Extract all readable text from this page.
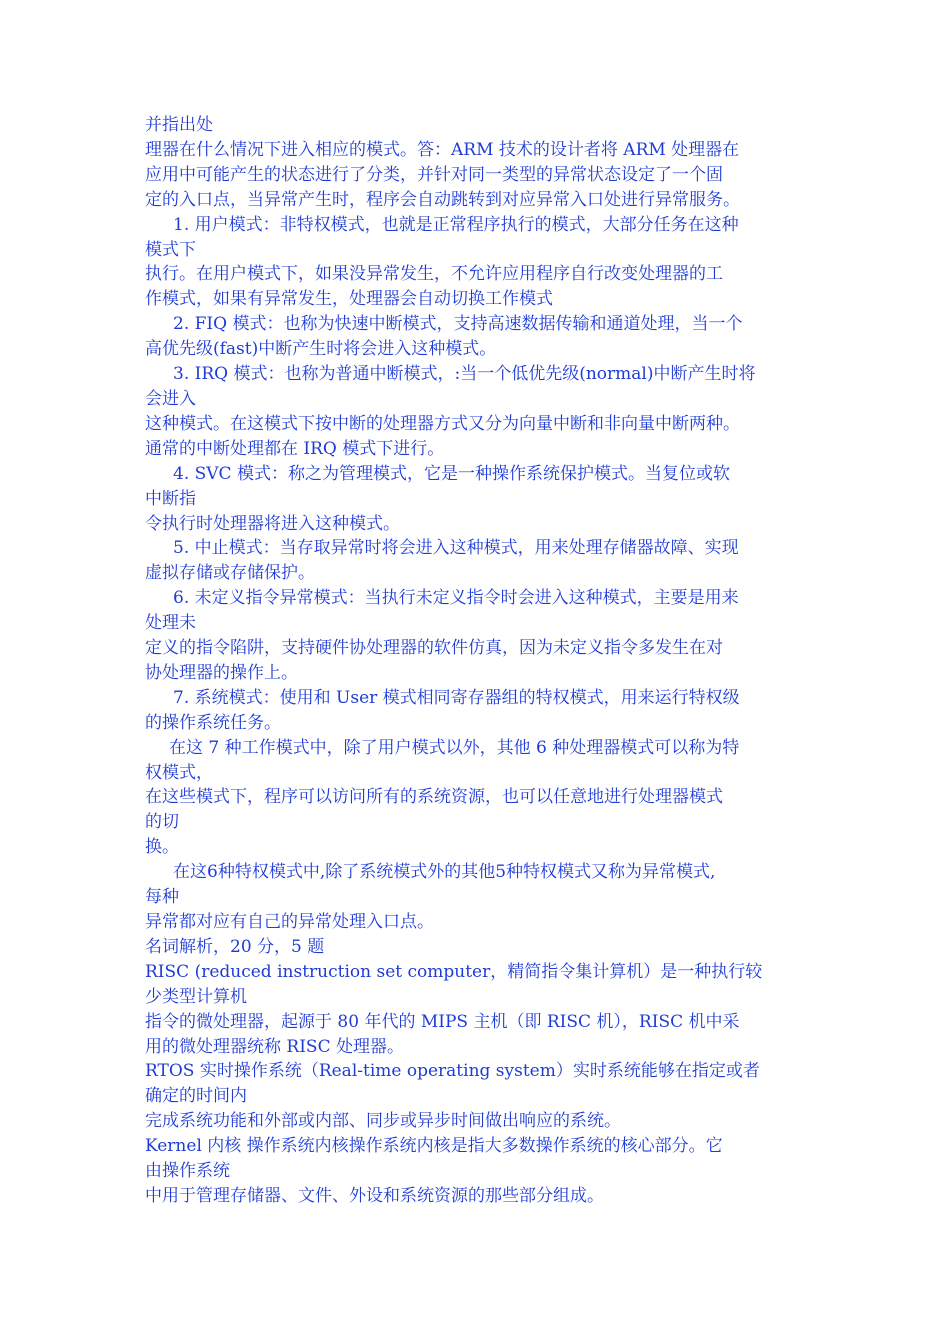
并指出处
理器在什么情况下进入相应的模式。答：ARM 技术的设计者将 ARM 处理器在
应用中可能产生的状态进行了分类，并针对同一类型的异常状态设定了一个固
定的入口点，当异常产生时，程序会自动跳转到对应异常入口处进行异常服务。
1. 用户模式：非特权模式，也就是正常程序执行的模式，大部分任务在这种
模式下
执行。在用户模式下，如果没异常发生，不允许应用程序自行改变处理器的工
作模式，如果有异常发生，处理器会自动切换工作模式
2. FIQ 模式：也称为快速中断模式，支持高速数据传输和通道处理，当一个
高优先级(fast)中断产生时将会进入这种模式。
3. IRQ 模式：也称为普通中断模式，:当一个低优先级(normal)中断产生时将
会进入
这种模式。在这模式下按中断的处理器方式又分为向量中断和非向量中断两种。
通常的中断处理都在 IRQ 模式下进行。
4. SVC 模式：称之为管理模式，它是一种操作系统保护模式。当复位或软
中断指
令执行时处理器将进入这种模式。
5. 中止模式：当存取异常时将会进入这种模式，用来处理存储器故障、实现
虚拟存储或存储保护。
6. 未定义指令异常模式：当执行未定义指令时会进入这种模式，主要是用来
处理未
定义的指令陷阱，支持硬件协处理器的软件仿真，因为未定义指令多发生在对
协处理器的操作上。
7. 系统模式：使用和 User 模式相同寄存器组的特权模式，用来运行特权级
的操作系统任务。
在这 7 种工作模式中，除了用户模式以外，其他 6 种处理器模式可以称为特
权模式，
在这些模式下，程序可以访问所有的系统资源，也可以任意地进行处理器模式
的切
换。
在这6种特权模式中,除了系统模式外的其他5种特权模式又称为异常模式,
每种
异常都对应有自己的异常处理入口点。
名词解析，20 分，5 题
RISC (reduced instruction set computer，精简指令集计算机）是一种执行较
少类型计算机
指令的微处理器，起源于 80 年代的 MIPS 主机（即 RISC 机），RISC 机中采
用的微处理器统称 RISC 处理器。
RTOS 实时操作系统（Real-time operating system）实时系统能够在指定或者
确定的时间内
完成系统功能和外部或内部、同步或异步时间做出响应的系统。
Kernel 内核 操作系统内核操作系统内核是指大多数操作系统的核心部分。它
由操作系统
中用于管理存储器、文件、外设和系统资源的那些部分组成。
